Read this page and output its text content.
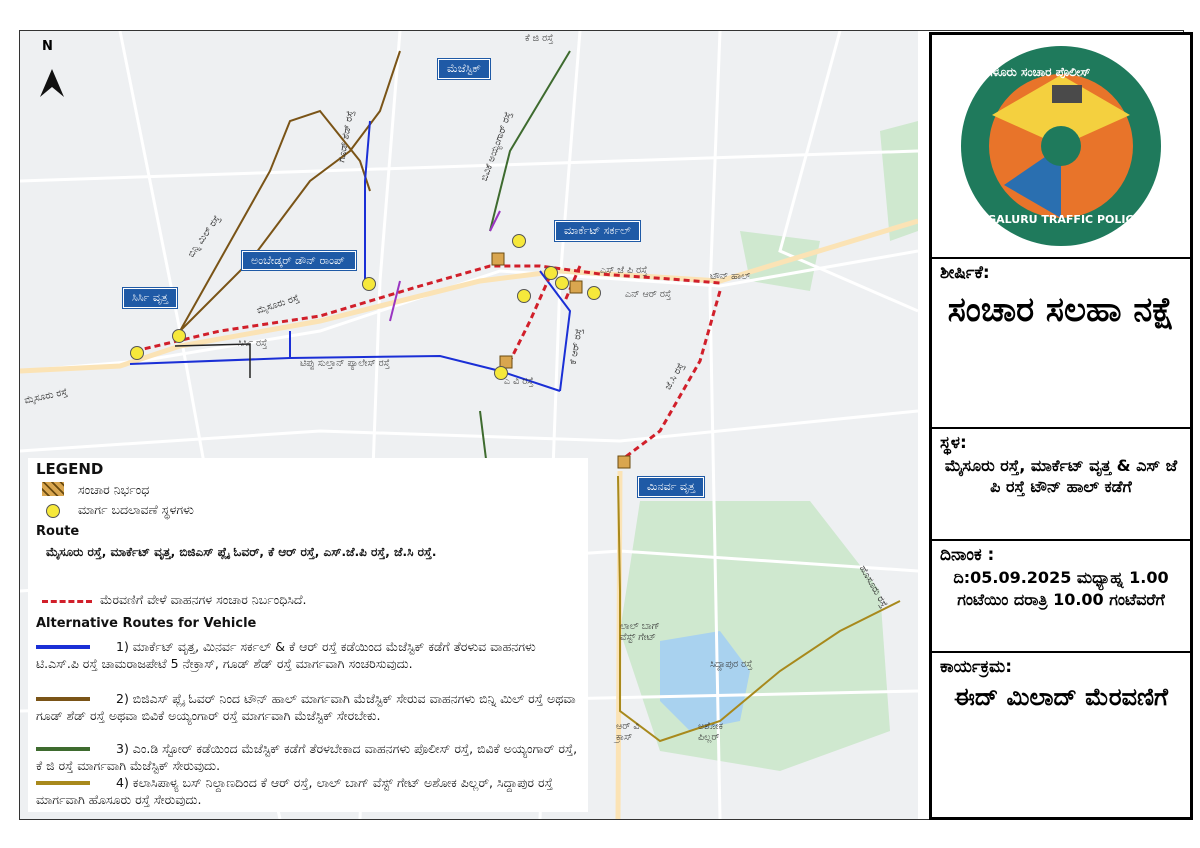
N
ಮೆಜೆಸ್ಟಿಕ್
ಮಾರ್ಕೆಟ್ ಸರ್ಕಲ್
ಅಂಬೇಡ್ಕರ್ ಡೌನ್ ರಾಂಪ್
ಸಿರ್ಸಿ ವೃತ್ತ
ಮಿನರ್ವ ವೃತ್ತ
ಮೈಸೂರು ರಸ್ತೆ
ಮೈಸೂರು ರಸ್ತೆ
ಟಿಪ್ಪು ಸುಲ್ತಾನ್ ಪ್ಯಾಲೇಸ್ ರಸ್ತೆ
ಸಿರ್ಸಿ ರಸ್ತೆ
ಟೌನ್ ಹಾಲ್
ಎಸ್ ಜೆ ಪಿ ರಸ್ತೆ
ಎನ್ ಆರ್ ರಸ್ತೆ
ಜೆ.ಸಿ ರಸ್ತೆ
ಕೆ ಜಿ ರಸ್ತೆ
ಲಾಲ್ ಬಾಗ್ ವೆಸ್ಟ್ ಗೇಟ್
ಸಿದ್ದಾಪುರ ರಸ್ತೆ
ಅಶೋಕ ಪಿಲ್ಲರ್
ಆರ್ ವಿ ಕ್ರಾಸ್
ಎ ವಿ ರಸ್ತೆ
ಕೆ ಆರ್ ರಸ್ತೆ
ಬಿನ್ನಿ ಮಿಲ್ ರಸ್ತೆ
ಗೂಡ್ ಶೆಡ್ ರಸ್ತೆ	ಬಿವಿಕೆ ಅಯ್ಯಂಗಾರ್ ರಸ್ತೆ
ಹೊಸೂರು ರಸ್ತೆ
LEGEND
ಸಂಚಾರ ನಿರ್ಭಂಧ
ಮಾರ್ಗ ಬದಲಾವಣೆ ಸ್ಥಳಗಳು
Route
ಮೈಸೂರು ರಸ್ತೆ, ಮಾರ್ಕೆಟ್ ವೃತ್ತ, ಬಿಜಿಎಸ್ ಪ್ಲೈ ಓವರ್, ಕೆ ಆರ್ ರಸ್ತೆ, ಎಸ್.ಜೆ.ಪಿ ರಸ್ತೆ, ಜೆ.ಸಿ ರಸ್ತೆ.
ಮೆರವಣಿಗೆ ವೇಳೆ ವಾಹನಗಳ ಸಂಚಾರ ನಿರ್ಬಂಧಿಸಿದೆ.
Alternative Routes for Vehicle
1) ಮಾರ್ಕೆಟ್ ವೃತ್ತ, ಮಿನರ್ವ ಸರ್ಕಲ್ & ಕೆ ಆರ್ ರಸ್ತೆ ಕಡೆಯಿಂದ ಮೆಜೆಸ್ಟಿಕ್ ಕಡೆಗೆ ತೆರಳುವ ವಾಹನಗಳು ಟಿ.ಎಸ್.ಪಿ ರಸ್ತೆ ಚಾಮರಾಜಪೇಟೆ 5 ನೇಕ್ರಾಸ್, ಗೂಡ್ ಶೆಡ್ ರಸ್ತೆ ಮಾರ್ಗವಾಗಿ ಸಂಚರಿಸುವುದು.
2) ಬಿಜಿಎಸ್ ಪ್ಲೈ ಓವರ್ ನಿಂದ ಟೌನ್ ಹಾಲ್ ಮಾರ್ಗವಾಗಿ ಮೆಜೆಸ್ಟಿಕ್ ಸೇರುವ ವಾಹನಗಳು ಬಿನ್ನಿ ಮಿಲ್ ರಸ್ತೆ ಅಥವಾ ಗೂಡ್ ಶೆಡ್ ರಸ್ತೆ ಅಥವಾ ಬಿವಿಕೆ ಅಯ್ಯಂಗಾರ್ ರಸ್ತೆ ಮಾರ್ಗವಾಗಿ ಮೆಜೆಸ್ಟಿಕ್ ಸೇರಬೇಕು.
3) ಎಂ.ಡಿ ಸ್ಟೋರ್ ಕಡೆಯಿಂದ ಮೆಜೆಸ್ಟಿಕ್ ಕಡೆಗೆ ತೆರಳಬೇಕಾದ ವಾಹನಗಳು ಪೊಲೀಸ್ ರಸ್ತೆ, ಬಿವಿಕೆ ಅಯ್ಯಂಗಾರ್ ರಸ್ತೆ, ಕೆ ಜಿ ರಸ್ತೆ ಮಾರ್ಗವಾಗಿ ಮೆಜೆಸ್ಟಿಕ್ ಸೇರುವುದು.
4) ಕಲಾಸಿಪಾಳ್ಯ ಬಸ್ ನಿಲ್ದಾಣದಿಂದ ಕೆ ಆರ್ ರಸ್ತೆ, ಲಾಲ್ ಬಾಗ್ ವೆಸ್ಟ್ ಗೇಟ್ ಅಶೋಕ ಪಿಲ್ಲರ್, ಸಿದ್ದಾಪುರ ರಸ್ತೆ ಮಾರ್ಗವಾಗಿ ಹೊಸೂರು ರಸ್ತೆ ಸೇರುವುದು.
ಬೆಂಗಳೂರು ಸಂಚಾರ ಪೊಲೀಸ್
BENGALURU TRAFFIC POLICE
ಶೀರ್ಷಿಕೆ:
ಸಂಚಾರ ಸಲಹಾ ನಕ್ಷೆ
ಸ್ಥಳ:
ಮೈಸೂರು ರಸ್ತೆ, ಮಾರ್ಕೆಟ್ ವೃತ್ತ & ಎಸ್ ಜೆ ಪಿ ರಸ್ತೆ ಟೌನ್ ಹಾಲ್ ಕಡೆಗೆ
ದಿನಾಂಕ :
ದಿ:05.09.2025 ಮಧ್ಯಾಹ್ನ 1.00 ಗಂಟೆಯಿಂ ದರಾತ್ರಿ 10.00 ಗಂಟೆವರೆಗೆ
ಕಾರ್ಯಕ್ರಮ:
ಈದ್ ಮಿಲಾದ್ ಮೆರವಣಿಗೆ
